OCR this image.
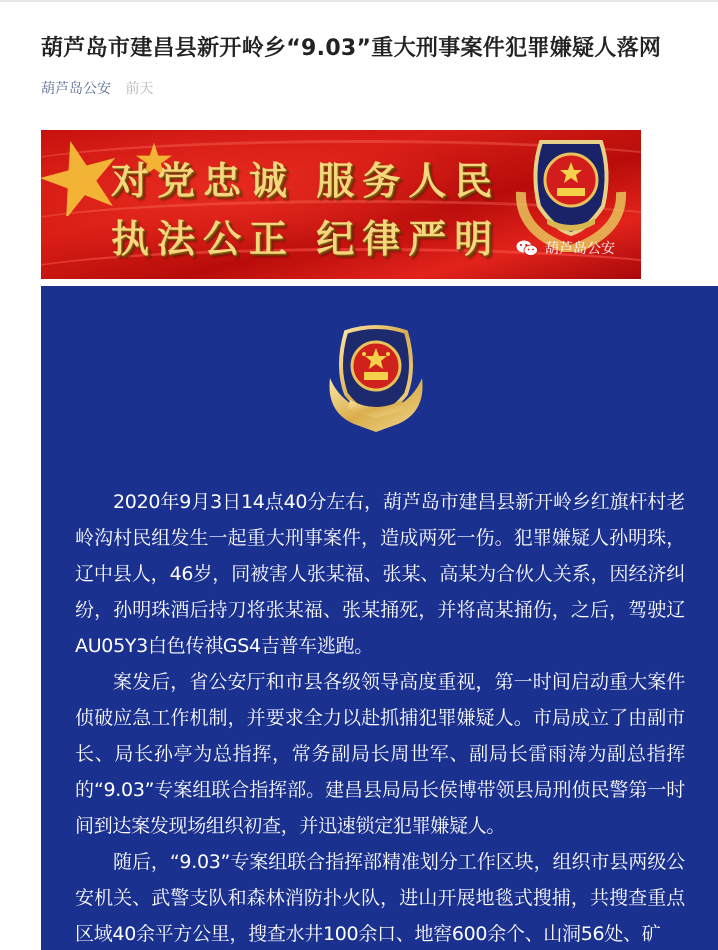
葫芦岛市建昌县新开岭乡“9.03”重大刑事案件犯罪嫌疑人落网
葫芦岛公安 前天
对党忠诚 服务人民
执法公正 纪律严明	葫芦岛公安

2020年9月3日14点40分左右，葫芦岛市建昌县新开岭乡红旗杆村老岭沟村民组发生一起重大刑事案件，造成两死一伤。犯罪嫌疑人孙明珠，辽中县人，46岁，同被害人张某福、张某、高某为合伙人关系，因经济纠纷，孙明珠酒后持刀将张某福、张某捅死，并将高某捅伤，之后，驾驶辽AU05Y3白色传祺GS4吉普车逃跑。

案发后，省公安厅和市县各级领导高度重视，第一时间启动重大案件侦破应急工作机制，并要求全力以赴抓捕犯罪嫌疑人。市局成立了由副市长、局长孙亭为总指挥，常务副局长周世军、副局长雷雨涛为副总指挥的“9.03”专案组联合指挥部。建昌县局局长侯博带领县局刑侦民警第一时间到达案发现场组织初查，并迅速锁定犯罪嫌疑人。

随后，“9.03”专案组联合指挥部精准划分工作区块，组织市县两级公安机关、武警支队和森林消防扑火队，进山开展地毯式搜捕，共搜查重点区域40余平方公里，搜查水井100余口、地窖600余个、山洞56处、矿
